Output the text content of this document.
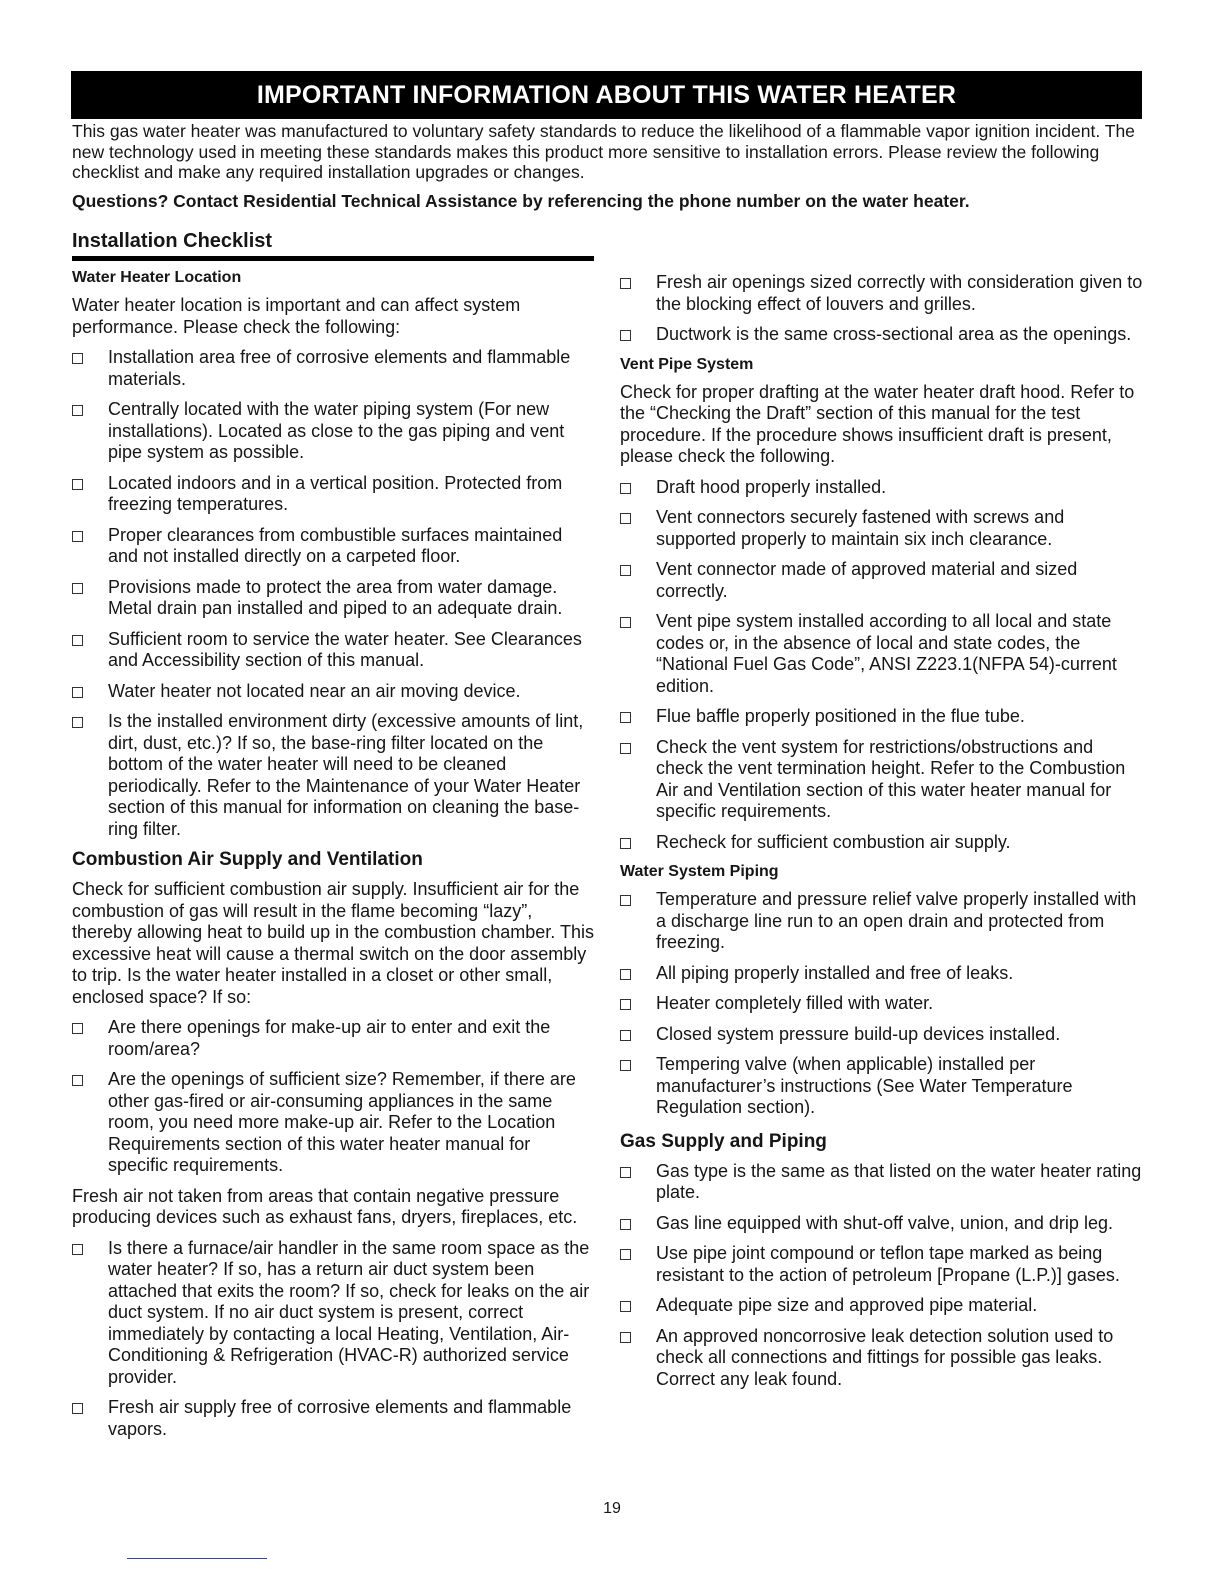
IMPORTANT INFORMATION ABOUT THIS WATER HEATER

This gas water heater was manufactured to voluntary safety standards to reduce the likelihood of a flammable vapor ignition incident. The new technology used in meeting these standards makes this product more sensitive to installation errors. Please review the following checklist and make any required installation upgrades or changes.

Questions? Contact Residential Technical Assistance by referencing the phone number on the water heater.

Installation Checklist
Water Heater Location

Water heater location is important and can affect system performance. Please check the following:

Installation area free of corrosive elements and flammable materials.
Centrally located with the water piping system (For new installations). Located as close to the gas piping and vent pipe system as possible.
Located indoors and in a vertical position. Protected from freezing temperatures.
Proper clearances from combustible surfaces maintained and not installed directly on a carpeted floor.
Provisions made to protect the area from water damage. Metal drain pan installed and piped to an adequate drain.
Sufficient room to service the water heater. See Clearances and Accessibility section of this manual.
Water heater not located near an air moving device.
Is the installed environment dirty (excessive amounts of lint, dirt, dust, etc.)? If so, the base-ring filter located on the bottom of the water heater will need to be cleaned periodically. Refer to the Maintenance of your Water Heater section of this manual for information on cleaning the base-ring filter.
Combustion Air Supply and Ventilation

Check for sufficient combustion air supply. Insufficient air for the combustion of gas will result in the flame becoming “lazy”, thereby allowing heat to build up in the combustion chamber. This excessive heat will cause a thermal switch on the door assembly to trip. Is the water heater installed in a closet or other small, enclosed space? If so:

Are there openings for make-up air to enter and exit the room/area?
Are the openings of sufficient size? Remember, if there are other gas-fired or air-consuming appliances in the same room, you need more make-up air. Refer to the Location Requirements section of this water heater manual for specific requirements.

Fresh air not taken from areas that contain negative pressure producing devices such as exhaust fans, dryers, fireplaces, etc.

Is there a furnace/air handler in the same room space as the water heater? If so, has a return air duct system been attached that exits the room? If so, check for leaks on the air duct system. If no air duct system is present, correct immediately by contacting a local Heating, Ventilation, Air-Conditioning & Refrigeration (HVAC-R) authorized service provider.
Fresh air supply free of corrosive elements and flammable vapors.
Fresh air openings sized correctly with consideration given to the blocking effect of louvers and grilles.
Ductwork is the same cross-sectional area as the openings.
Vent Pipe System

Check for proper drafting at the water heater draft hood. Refer to the “Checking the Draft” section of this manual for the test procedure. If the procedure shows insufficient draft is present, please check the following.

Draft hood properly installed.
Vent connectors securely fastened with screws and supported properly to maintain six inch clearance.
Vent connector made of approved material and sized correctly.
Vent pipe system installed according to all local and state codes or, in the absence of local and state codes, the “National Fuel Gas Code”, ANSI Z223.1(NFPA 54)-current edition.
Flue baffle properly positioned in the flue tube.
Check the vent system for restrictions/obstructions and check the vent termination height. Refer to the Combustion Air and Ventilation section of this water heater manual for specific requirements.
Recheck for sufficient combustion air supply.
Water System Piping
Temperature and pressure relief valve properly installed with a discharge line run to an open drain and protected from freezing.
All piping properly installed and free of leaks.
Heater completely filled with water.
Closed system pressure build-up devices installed.
Tempering valve (when applicable) installed per manufacturer’s instructions (See Water Temperature Regulation section).
Gas Supply and Piping
Gas type is the same as that listed on the water heater rating plate.
Gas line equipped with shut-off valve, union, and drip leg.
Use pipe joint compound or teflon tape marked as being resistant to the action of petroleum [Propane (L.P.)] gases.
Adequate pipe size and approved pipe material.
An approved noncorrosive leak detection solution used to check all connections and fittings for possible gas leaks. Correct any leak found.
19
